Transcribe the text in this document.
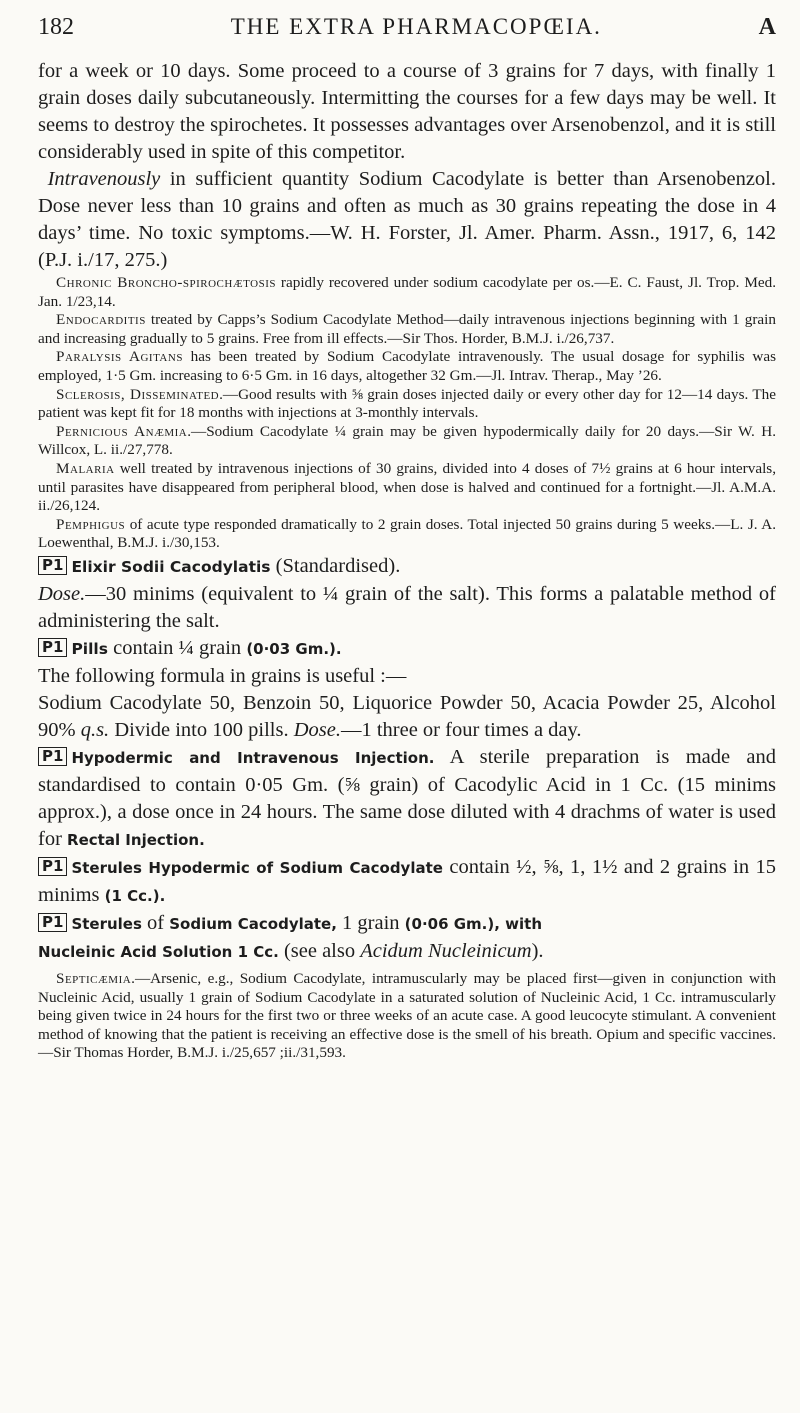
182	THE EXTRA PHARMACOPŒIA.	A

for a week or 10 days. Some proceed to a course of 3 grains for 7 days, with finally 1 grain doses daily subcutaneously. Intermitting the courses for a few days may be well. It seems to destroy the spirochetes. It possesses advantages over Arsenobenzol, and it is still considerably used in spite of this competitor.

Intravenously in sufficient quantity Sodium Cacodylate is better than Arsenobenzol. Dose never less than 10 grains and often as much as 30 grains repeating the dose in 4 days’ time. No toxic symptoms.—W. H. Forster, Jl. Amer. Pharm. Assn., 1917, 6, 142 (P.J. i./17, 275.)

Chronic Broncho-spirochætosis rapidly recovered under sodium cacodylate per os.—E. C. Faust, Jl. Trop. Med. Jan. 1/23,14.

Endocarditis treated by Capps’s Sodium Cacodylate Method—daily intravenous injections beginning with 1 grain and increasing gradually to 5 grains. Free from ill effects.—Sir Thos. Horder, B.M.J. i./26,737.

Paralysis Agitans has been treated by Sodium Cacodylate intravenously. The usual dosage for syphilis was employed, 1·5 Gm. increasing to 6·5 Gm. in 16 days, altogether 32 Gm.—Jl. Intrav. Therap., May ’26.

Sclerosis, Disseminated.—Good results with ⅝ grain doses injected daily or every other day for 12—14 days. The patient was kept fit for 18 months with injections at 3-monthly intervals.

Pernicious Anæmia.—Sodium Cacodylate ¼ grain may be given hypodermically daily for 20 days.—Sir W. H. Willcox, L. ii./27,778.

Malaria well treated by intravenous injections of 30 grains, divided into 4 doses of 7½ grains at 6 hour intervals, until parasites have disappeared from peripheral blood, when dose is halved and continued for a fortnight.—Jl. A.M.A. ii./26,124.

Pemphigus of acute type responded dramatically to 2 grain doses. Total injected 50 grains during 5 weeks.—L. J. A. Loewenthal, B.M.J. i./30,153.

P1 Elixir Sodii Cacodylatis (Standardised).
Dose.—30 minims (equivalent to ¼ grain of the salt). This forms a palatable method of administering the salt.

P1 Pills contain ¼ grain (0·03 Gm.).
The following formula in grains is useful :—
Sodium Cacodylate 50, Benzoin 50, Liquorice Powder 50, Acacia Powder 25, Alcohol 90% q.s. Divide into 100 pills. Dose.—1 three or four times a day.

P1 Hypodermic and Intravenous Injection. A sterile preparation is made and standardised to contain 0·05 Gm. (⅝ grain) of Cacodylic Acid in 1 Cc. (15 minims approx.), a dose once in 24 hours. The same dose diluted with 4 drachms of water is used for Rectal Injection.

P1 Sterules Hypodermic of Sodium Cacodylate contain ½, ⅝, 1, 1½ and 2 grains in 15 minims (1 Cc.).

P1 Sterules of Sodium Cacodylate, 1 grain (0·06 Gm.), with
Nucleinic Acid Solution 1 Cc. (see also Acidum Nucleinicum).

Septicæmia.—Arsenic, e.g., Sodium Cacodylate, intramuscularly may be placed first—given in conjunction with Nucleinic Acid, usually 1 grain of Sodium Cacodylate in a saturated solution of Nucleinic Acid, 1 Cc. intramuscularly being given twice in 24 hours for the first two or three weeks of an acute case. A good leucocyte stimulant. A convenient method of knowing that the patient is receiving an effective dose is the smell of his breath. Opium and specific vaccines.—Sir Thomas Horder, B.M.J. i./25,657 ;ii./31,593.
